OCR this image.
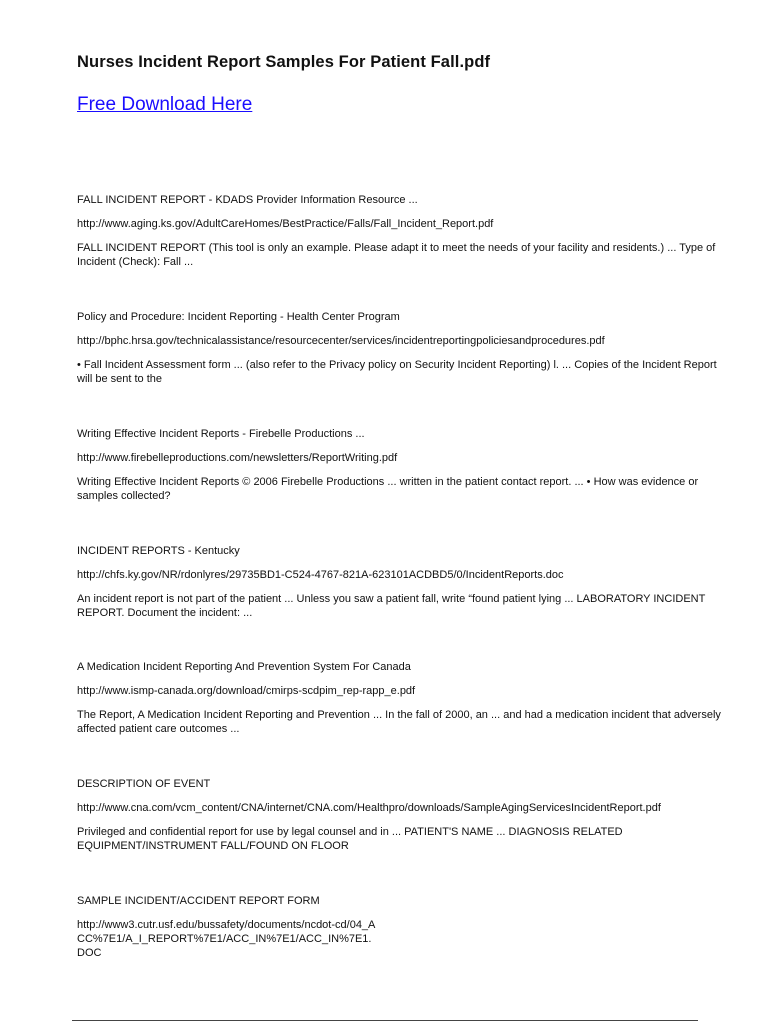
Nurses Incident Report Samples For Patient Fall.pdf
Free Download Here

FALL INCIDENT REPORT - KDADS Provider Information Resource ...

http://www.aging.ks.gov/AdultCareHomes/BestPractice/Falls/Fall_Incident_Report.pdf

FALL INCIDENT REPORT (This tool is only an example. Please adapt it to meet the needs of your facility and residents.) ... Type of Incident (Check): Fall ...

Policy and Procedure: Incident Reporting - Health Center Program

http://bphc.hrsa.gov/technicalassistance/resourcecenter/services/incidentreportingpoliciesandprocedures.pdf

• Fall Incident Assessment form ... (also refer to the Privacy policy on Security Incident Reporting) l. ... Copies of the Incident Report will be sent to the

Writing Effective Incident Reports - Firebelle Productions ...

http://www.firebelleproductions.com/newsletters/ReportWriting.pdf

Writing Effective Incident Reports © 2006 Firebelle Productions ... written in the patient contact report. ... • How was evidence or samples collected?

INCIDENT REPORTS - Kentucky

http://chfs.ky.gov/NR/rdonlyres/29735BD1-C524-4767-821A-623101ACDBD5/0/IncidentReports.doc

An incident report is not part of the patient ... Unless you saw a patient fall, write “found patient lying ... LABORATORY INCIDENT REPORT. Document the incident: ...

A Medication Incident Reporting And Prevention System For Canada

http://www.ismp-canada.org/download/cmirps-scdpim_rep-rapp_e.pdf

The Report, A Medication Incident Reporting and Prevention ... In the fall of 2000, an ... and had a medication incident that adversely affected patient care outcomes ...

DESCRIPTION OF EVENT

http://www.cna.com/vcm_content/CNA/internet/CNA.com/Healthpro/downloads/SampleAgingServicesIncidentReport.pdf

Privileged and confidential report for use by legal counsel and in ... PATIENT'S NAME ... DIAGNOSIS RELATED EQUIPMENT/INSTRUMENT FALL/FOUND ON FLOOR

SAMPLE INCIDENT/ACCIDENT REPORT FORM

http://www3.cutr.usf.edu/bussafety/documents/ncdot-cd/04_ACC%7E1/A_I_REPORT%7E1/ACC_IN%7E1/ACC_IN%7E1.DOC
